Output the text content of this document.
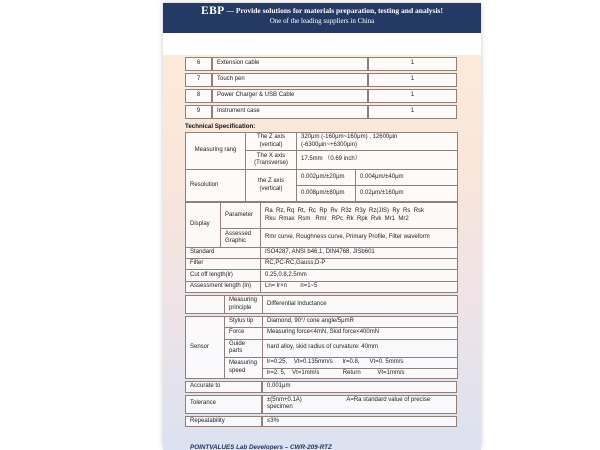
EBP — Provide solutions for materials preparation, testing and analysis!
One of the leading suppliers in China
6	Extension cable	1
7	Touch pen	1
8	Power Charger & USB Cable	1
9	Instrument case	1
Technical Specification:
Measuring rang	The Z axis (vertical)	320μm (-160μm~160μm) , 12600μin (-6300μin~+6300μin)	
	The X axis (Transverse)	17.5mm （0.69 inch）	
Resolution	the Z axis (vertical)	0.002μm/±20μm	0.004μm/±40μm
		0.008μm/±80μm	0.02μm/±160μm
Display	Parameter	Ra  Rz, Rq  Rt,  Rc  Rp  Rv  R3z  R3y  Rz(JIS)  Ry  Rs  Rsk
Rku  Rmax  Rsm   Rmr   RPc  Rk  Rpk  Rvk  Mr1  Mr2

	Assessed Graphic	Rmr curve, Roughness curve, Primary Profile, Filter waveform
Standard		ISO4287, ANSI b46.1, DIN4768, JISb601
Filter		RC,PC-RC,Gauss,D-P
Cut off length(lr)		0.25,0.8,2.5mm
Assessment length (ln)		Ln= lr×n        n=1~5
	Measuring principle	Differential Inductance
Sensor	Stylus tip	Diamond, 90°/ cone angle/5μmR
	Force	Measuring force<4mN, Skid force<400mN
	Guide parts	hard alloy, skid radius of curvature: 40mm
	Measuring speed	lr=0.25,    Vt=0.135mm/s      lr=0.8,      Vt=0. 5mm/s
		lr=2. 5,    Vt=1mm/s              Return          Vt=1mm/s
Accurate to	0.001μm
Tolerance	±(5nm+0.1A) A=Ra standard value of precise specimen
Repeatability	≤3%
POINTVALUES Lab Developers – CWR-209-RTZ
